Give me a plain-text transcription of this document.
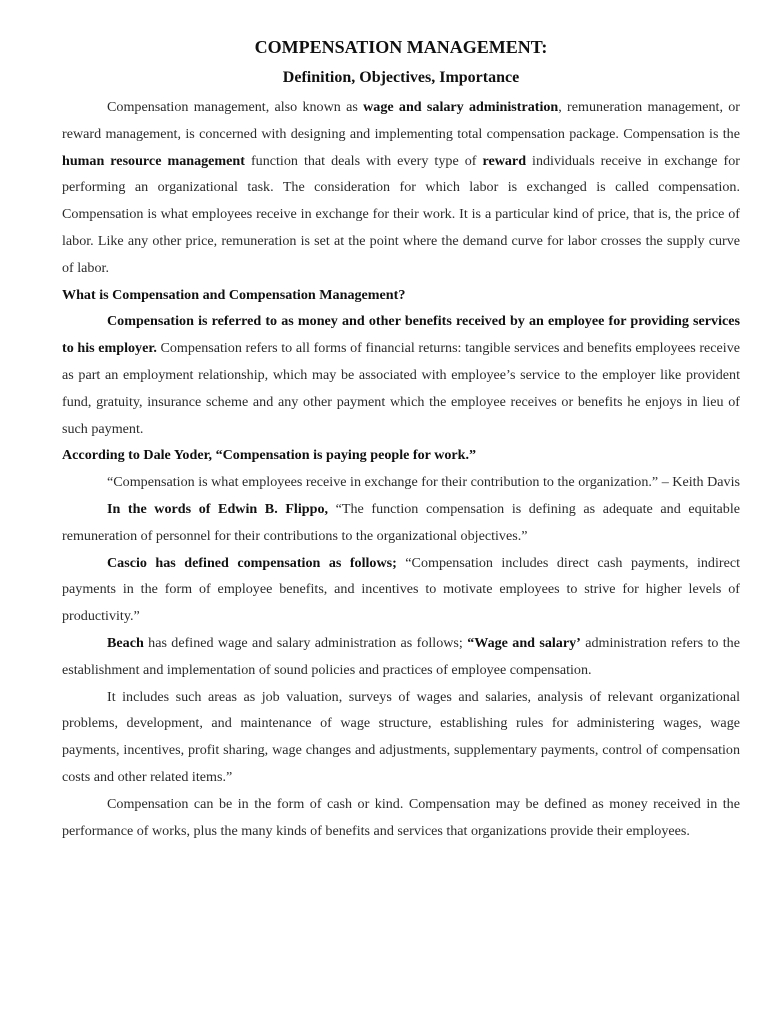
COMPENSATION MANAGEMENT:
Definition, Objectives, Importance

Compensation management, also known as wage and salary administration, remuneration management, or reward management, is concerned with designing and implementing total compensation package. Compensation is the human resource management function that deals with every type of reward individuals receive in exchange for performing an organizational task. The consideration for which labor is exchanged is called compensation. Compensation is what employees receive in exchange for their work. It is a particular kind of price, that is, the price of labor. Like any other price, remuneration is set at the point where the demand curve for labor crosses the supply curve of labor.

What is Compensation and Compensation Management?

Compensation is referred to as money and other benefits received by an employee for providing services to his employer. Compensation refers to all forms of financial returns: tangible services and benefits employees receive as part an employment relationship, which may be associated with employee’s service to the employer like provident fund, gratuity, insurance scheme and any other payment which the employee receives or benefits he enjoys in lieu of such payment.

According to Dale Yoder, “Compensation is paying people for work.”

“Compensation is what employees receive in exchange for their contribution to the organization.” – Keith Davis

In the words of Edwin B. Flippo, “The function compensation is defining as adequate and equitable remuneration of personnel for their contributions to the organizational objectives.”

Cascio has defined compensation as follows; “Compensation includes direct cash payments, indirect payments in the form of employee benefits, and incentives to motivate employees to strive for higher levels of productivity.”

Beach has defined wage and salary administration as follows; “Wage and salary’ administration refers to the establishment and implementation of sound policies and practices of employee compensation.

It includes such areas as job valuation, surveys of wages and salaries, analysis of relevant organizational problems, development, and maintenance of wage structure, establishing rules for administering wages, wage payments, incentives, profit sharing, wage changes and adjustments, supplementary payments, control of compensation costs and other related items.”

Compensation can be in the form of cash or kind. Compensation may be defined as money received in the performance of works, plus the many kinds of benefits and services that organizations provide their employees.
